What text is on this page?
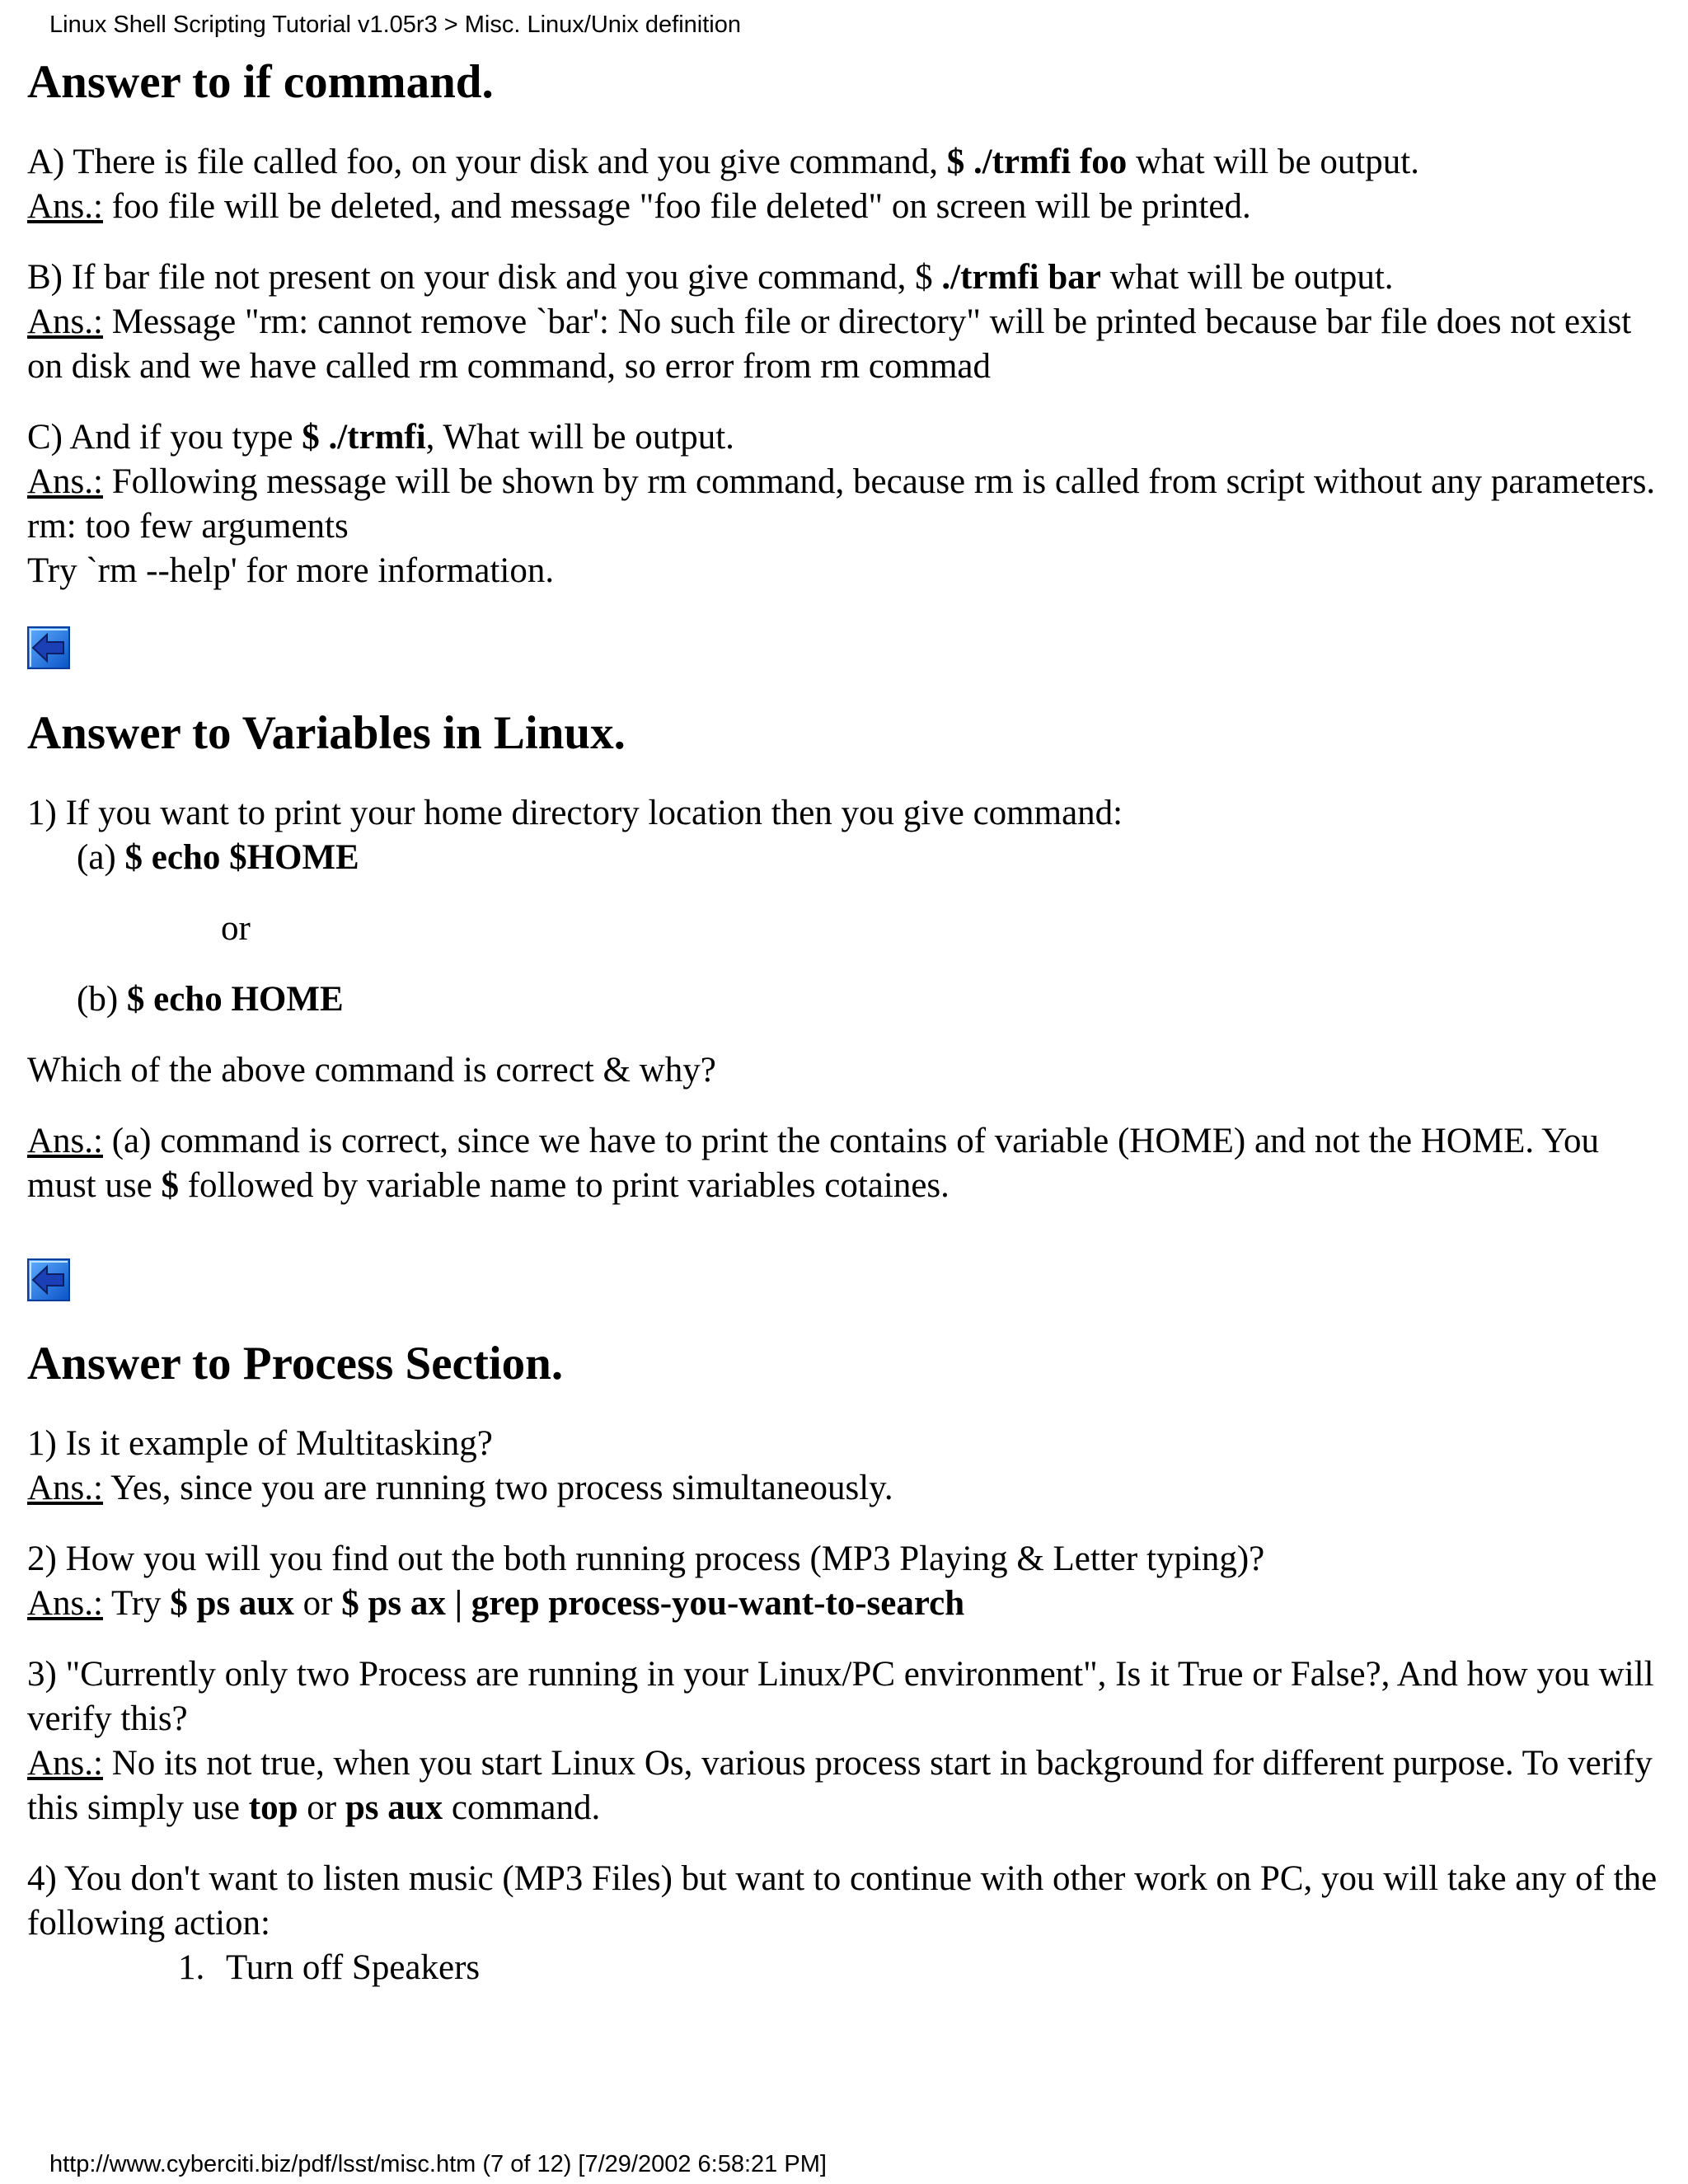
Linux Shell Scripting Tutorial v1.05r3 > Misc. Linux/Unix definition
Answer to if command.

A) There is file called foo, on your disk and you give command, $ ./trmfi foo what will be output.
Ans.: foo file will be deleted, and message "foo file deleted" on screen will be printed.

B) If bar file not present on your disk and you give command, $ ./trmfi bar what will be output.
Ans.: Message "rm: cannot remove `bar': No such file or directory" will be printed because bar file does not exist on disk and we have called rm command, so error from rm commad

C) And if you type $ ./trmfi, What will be output.
Ans.: Following message will be shown by rm command, because rm is called from script without any parameters.
rm: too few arguments
Try `rm --help' for more information.

Answer to Variables in Linux.

1) If you want to print your home directory location then you give command:
(a) $ echo $HOME

or

(b) $ echo HOME

Which of the above command is correct & why?

Ans.: (a) command is correct, since we have to print the contains of variable (HOME) and not the HOME. You must use $ followed by variable name to print variables cotaines.

Answer to Process Section.

1) Is it example of Multitasking?
Ans.: Yes, since you are running two process simultaneously.

2) How you will you find out the both running process (MP3 Playing & Letter typing)?
Ans.: Try $ ps aux or $ ps ax | grep process-you-want-to-search

3) "Currently only two Process are running in your Linux/PC environment", Is it True or False?, And how you will verify this?
Ans.: No its not true, when you start Linux Os, various process start in background for different purpose. To verify this simply use top or ps aux command.

4) You don't want to listen music (MP3 Files) but want to continue with other work on PC, you will take any of the following action:

1. Turn off Speakers
http://www.cyberciti.biz/pdf/lsst/misc.htm (7 of 12) [7/29/2002 6:58:21 PM]
